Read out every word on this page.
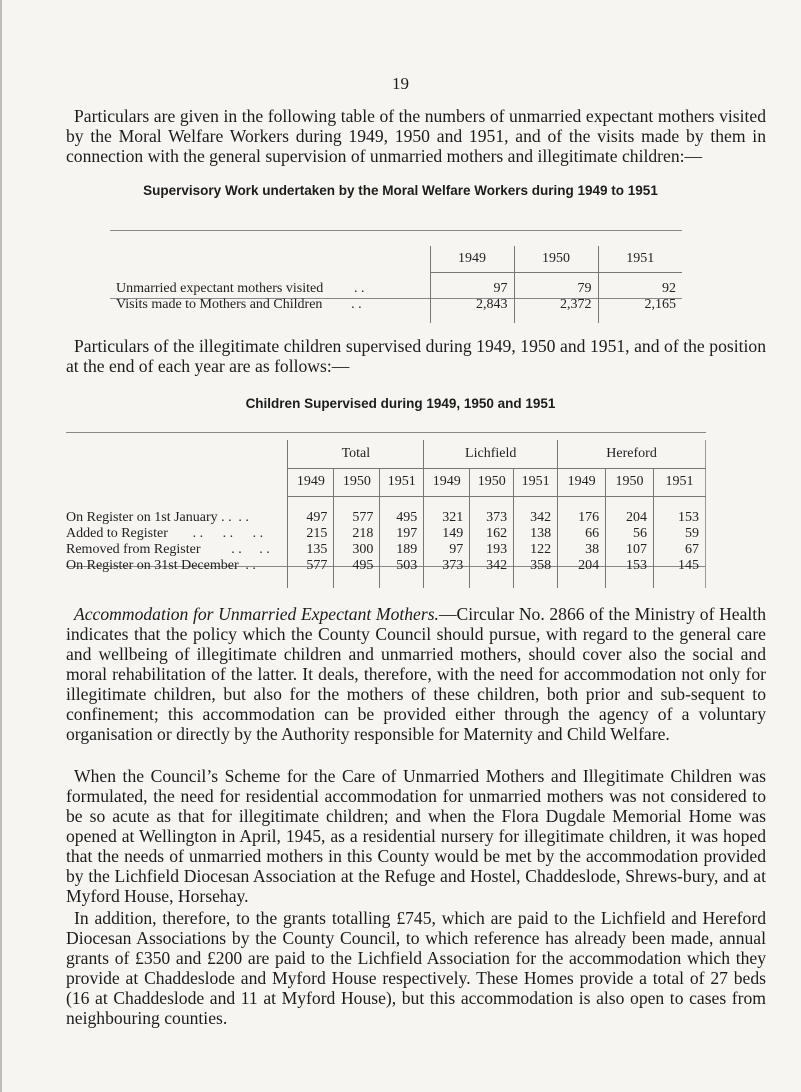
19

Particulars are given in the following table of the numbers of unmarried expectant mothers visited by the Moral Welfare Workers during 1949, 1950 and 1951, and of the visits made by them in connection with the general supervision of unmarried mothers and illegitimate children:—

Supervisory Work undertaken by the Moral Welfare Workers during 1949 to 1951
	1949	1950	1951

Unmarried expectant mothers visited . .	97	79	92
Visits made to Mothers and Children . .	2,843	2,372	2,165

Particulars of the illegitimate children supervised during 1949, 1950 and 1951, and of the position at the end of each year are as follows:—

Children Supervised during 1949, 1950 and 1951
	Total			Lichfield			Hereford		
	1949	1950	1951	1949	1950	1951	1949	1950	1951

On Register on 1st January . . . .	497	577	495	321	373	342	176	204	153
Added to Register . . . . . .	215	218	197	149	162	138	66	56	59
Removed from Register . . . .	135	300	189	97	193	122	38	107	67
On Register on 31st December . .	577	495	503	373	342	358	204	153	145

Accommodation for Unmarried Expectant Mothers.—Circular No. 2866 of the Ministry of Health indicates that the policy which the County Council should pursue, with regard to the general care and wellbeing of illegitimate children and unmarried mothers, should cover also the social and moral rehabilitation of the latter. It deals, therefore, with the need for accommodation not only for illegitimate children, but also for the mothers of these children, both prior and sub-sequent to confinement; this accommodation can be provided either through the agency of a voluntary organisation or directly by the Authority responsible for Maternity and Child Welfare.

When the Council’s Scheme for the Care of Unmarried Mothers and Illegitimate Children was formulated, the need for residential accommodation for unmarried mothers was not considered to be so acute as that for illegitimate children; and when the Flora Dugdale Memorial Home was opened at Wellington in April, 1945, as a residential nursery for illegitimate children, it was hoped that the needs of unmarried mothers in this County would be met by the accommodation provided by the Lichfield Diocesan Association at the Refuge and Hostel, Chaddeslode, Shrews-bury, and at Myford House, Horsehay.

In addition, therefore, to the grants totalling £745, which are paid to the Lichfield and Hereford Diocesan Associations by the County Council, to which reference has already been made, annual grants of £350 and £200 are paid to the Lichfield Association for the accommodation which they provide at Chaddeslode and Myford House respectively. These Homes provide a total of 27 beds (16 at Chaddeslode and 11 at Myford House), but this accommodation is also open to cases from neighbouring counties.
